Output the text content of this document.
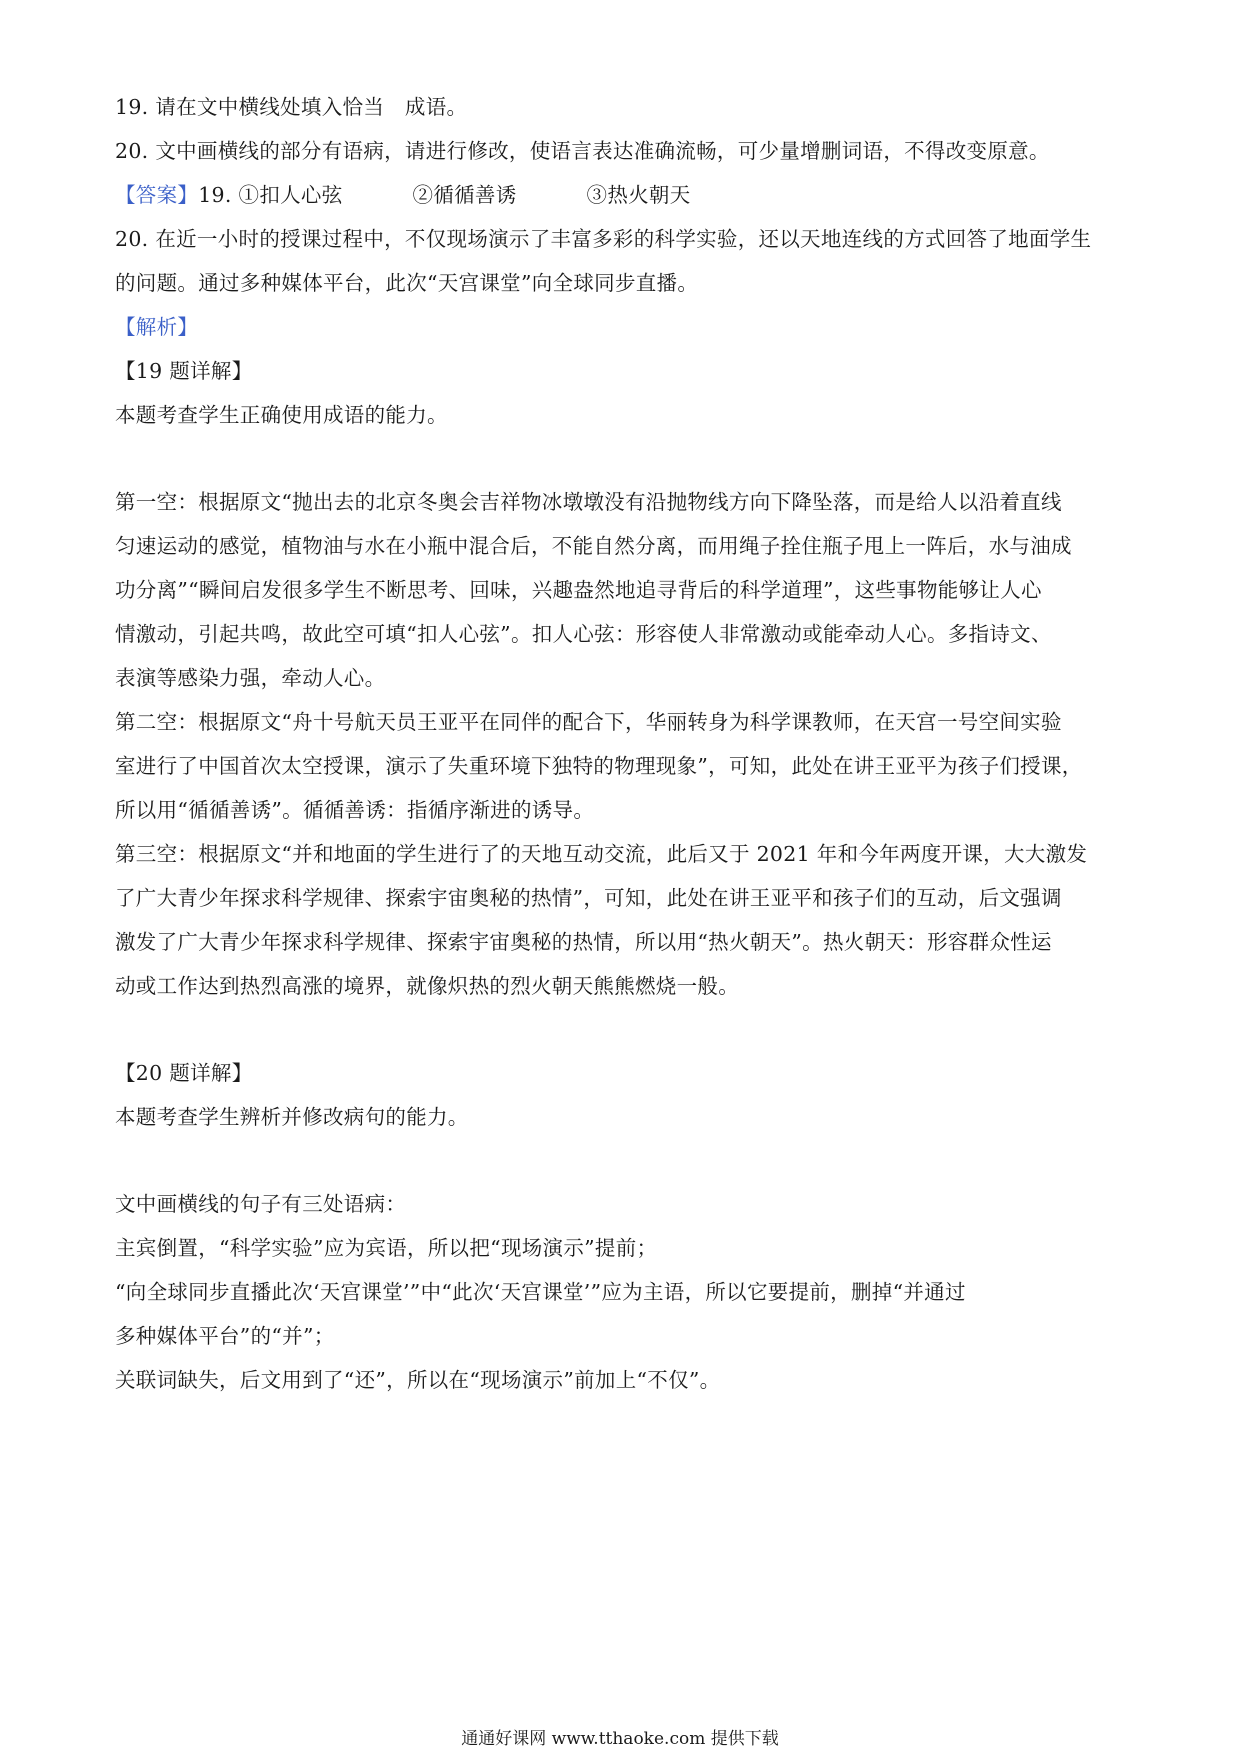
19. 请在文中横线处填入恰当　成语。
20. 文中画横线的部分有语病，请进行修改，使语言表达准确流畅，可少量增删词语，不得改变原意。
【答案】19. ①扣人心弦	②循循善诱	③热火朝天
20. 在近一小时的授课过程中，不仅现场演示了丰富多彩的科学实验，还以天地连线的方式回答了地面学生
的问题。通过多种媒体平台，此次“天宫课堂”向全球同步直播。
【解析】
【19 题详解】
本题考查学生正确使用成语的能力。
第一空：根据原文“抛出去的北京冬奥会吉祥物冰墩墩没有沿抛物线方向下降坠落，而是给人以沿着直线
匀速运动的感觉，植物油与水在小瓶中混合后，不能自然分离，而用绳子拴住瓶子甩上一阵后，水与油成
功分离”“瞬间启发很多学生不断思考、回味，兴趣盎然地追寻背后的科学道理”，这些事物能够让人心
情激动，引起共鸣，故此空可填“扣人心弦”。扣人心弦：形容使人非常激动或能牵动人心。多指诗文、
表演等感染力强，牵动人心。
第二空：根据原文“舟十号航天员王亚平在同伴的配合下，华丽转身为科学课教师，在天宫一号空间实验
室进行了中国首次太空授课，演示了失重环境下独特的物理现象”，可知，此处在讲王亚平为孩子们授课，
所以用“循循善诱”。循循善诱：指循序渐进的诱导。
第三空：根据原文“并和地面的学生进行了的天地互动交流，此后又于 2021 年和今年两度开课，大大激发
了广大青少年探求科学规律、探索宇宙奥秘的热情”，可知，此处在讲王亚平和孩子们的互动，后文强调
激发了广大青少年探求科学规律、探索宇宙奥秘的热情，所以用“热火朝天”。热火朝天：形容群众性运
动或工作达到热烈高涨的境界，就像炽热的烈火朝天熊熊燃烧一般。
【20 题详解】
本题考查学生辨析并修改病句的能力。
文中画横线的句子有三处语病：
主宾倒置，“科学实验”应为宾语，所以把“现场演示”提前；
“向全球同步直播此次‘天宫课堂’”中“此次‘天宫课堂’”应为主语，所以它要提前，删掉“并通过
多种媒体平台”的“并”；
关联词缺失，后文用到了“还”，所以在“现场演示”前加上“不仅”。
通通好课网 www.tthaoke.com 提供下载
